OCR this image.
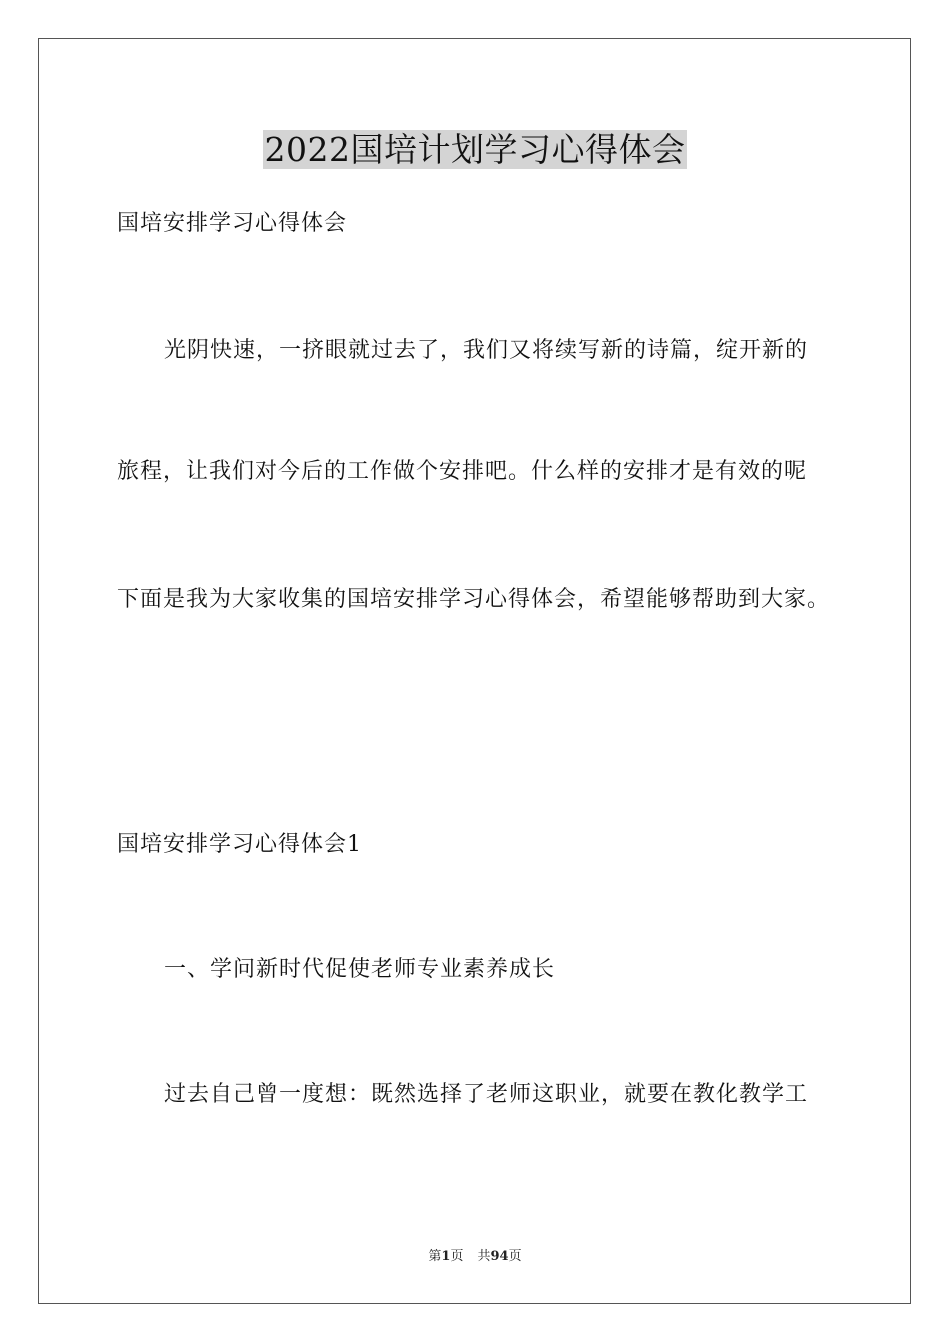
2022国培计划学习心得体会
国培安排学习心得体会
光阴快速，一挤眼就过去了，我们又将续写新的诗篇，绽开新的
旅程，让我们对今后的工作做个安排吧。什么样的安排才是有效的呢
下面是我为大家收集的国培安排学习心得体会，希望能够帮助到大家。
国培安排学习心得体会1
一、学问新时代促使老师专业素养成长
过去自己曾一度想：既然选择了老师这职业，就要在教化教学工
第1页 共94页
